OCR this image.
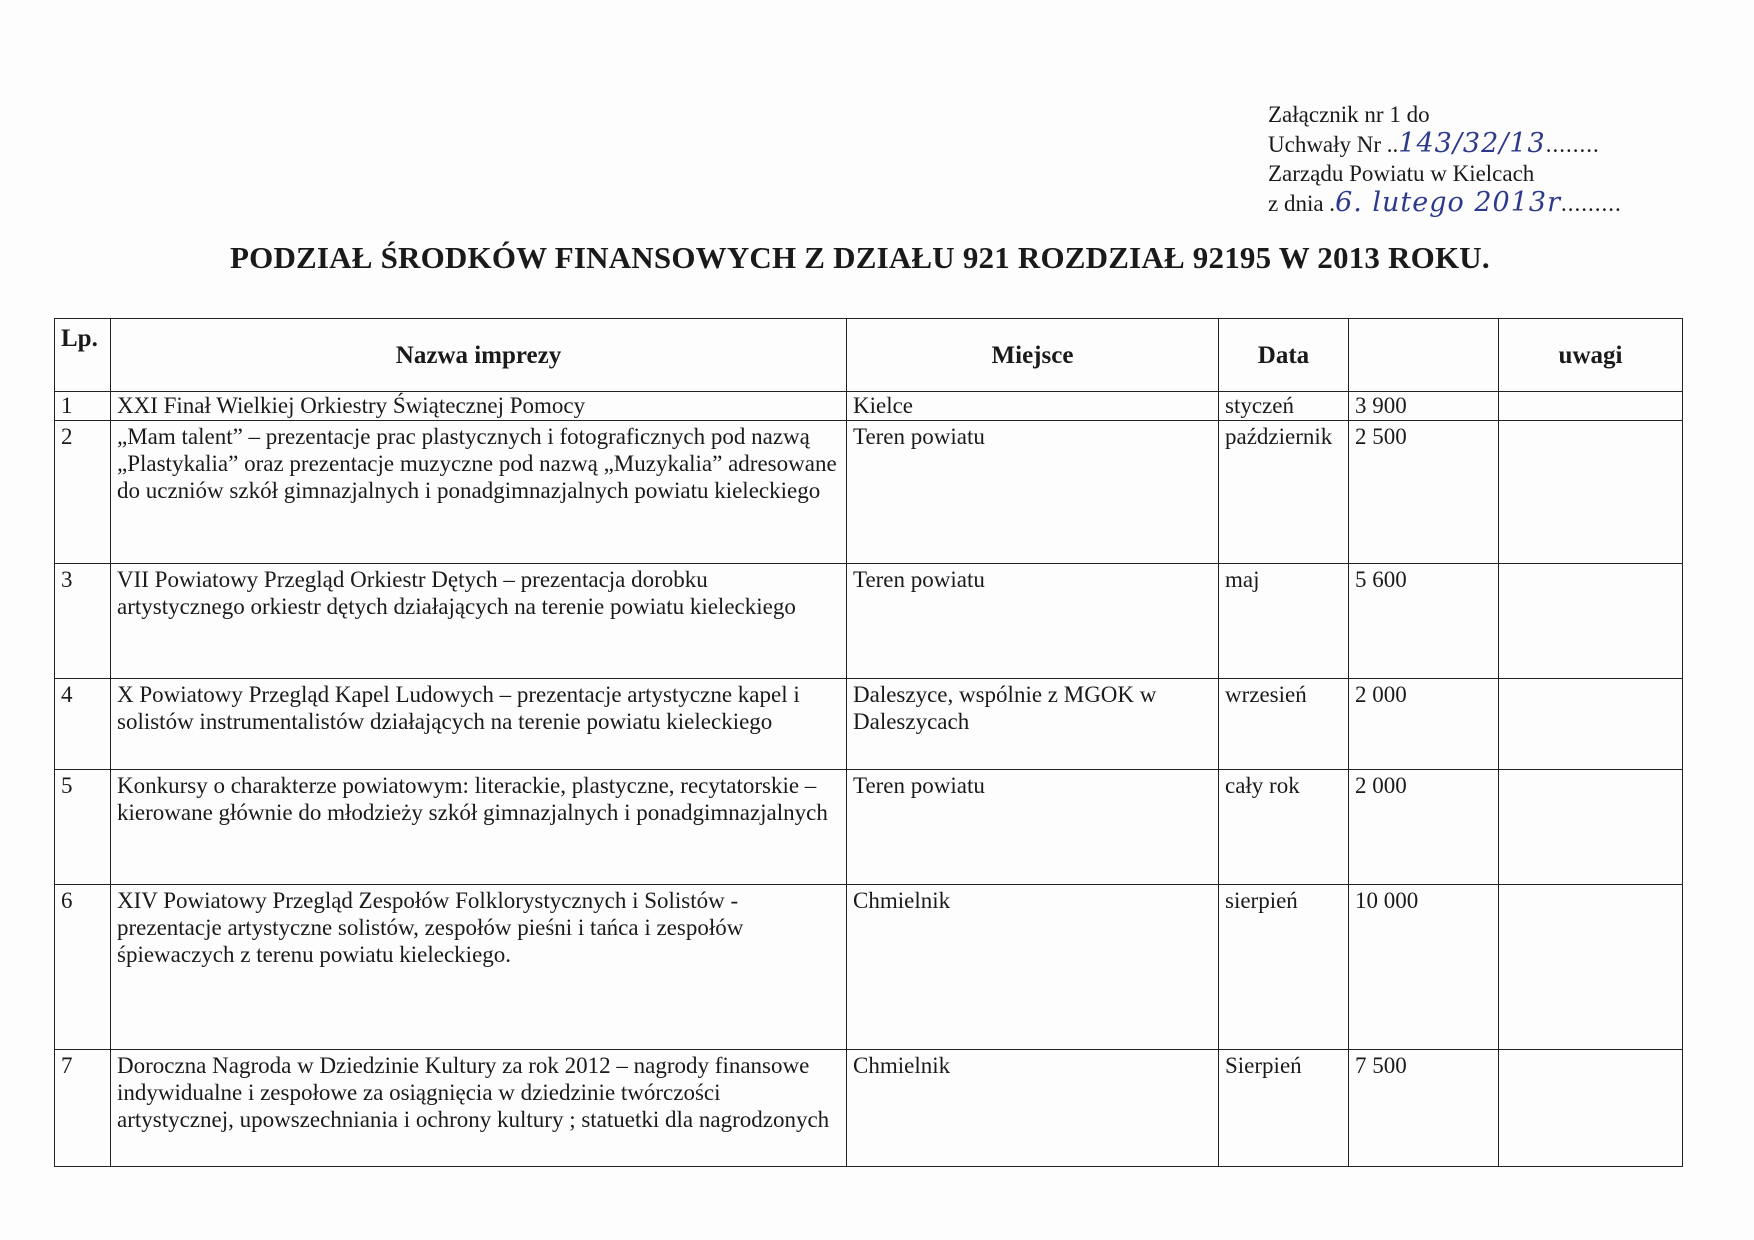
Załącznik nr 1 do
Uchwały Nr ..143/32/13........
Zarządu Powiatu w Kielcach
z dnia .6. lutego 2013r.........
PODZIAŁ ŚRODKÓW FINANSOWYCH Z DZIAŁU 921 ROZDZIAŁ 92195 W 2013 ROKU.
Lp.	Nazwa imprezy	Miejsce	Data		uwagi
1	XXI Finał Wielkiej Orkiestry Świątecznej Pomocy	Kielce	styczeń	3 900	
2	„Mam talent” – prezentacje prac plastycznych i fotograficznych pod nazwą „Plastykalia” oraz prezentacje muzyczne pod nazwą „Muzykalia” adresowane do uczniów szkół gimnazjalnych i ponadgimnazjalnych powiatu kieleckiego	Teren powiatu	październik	2 500	
3	VII Powiatowy Przegląd Orkiestr Dętych – prezentacja dorobku artystycznego orkiestr dętych działających na terenie powiatu kieleckiego	Teren powiatu	maj	5 600	
4	X Powiatowy Przegląd Kapel Ludowych – prezentacje artystyczne kapel i solistów instrumentalistów działających na terenie powiatu kieleckiego	Daleszyce, wspólnie z MGOK w Daleszycach	wrzesień	2 000	
5	Konkursy o charakterze powiatowym: literackie, plastyczne, recytatorskie – kierowane głównie do młodzieży szkół gimnazjalnych i ponadgimnazjalnych	Teren powiatu	cały rok	2 000	
6	XIV Powiatowy Przegląd Zespołów Folklorystycznych i Solistów - prezentacje artystyczne solistów, zespołów pieśni i tańca i zespołów śpiewaczych z terenu powiatu kieleckiego.	Chmielnik	sierpień	10 000	
7	Doroczna Nagroda w Dziedzinie Kultury za rok 2012 – nagrody finansowe indywidualne i zespołowe za osiągnięcia w dziedzinie twórczości artystycznej, upowszechniania i ochrony kultury ; statuetki dla nagrodzonych	Chmielnik	Sierpień	7 500	
